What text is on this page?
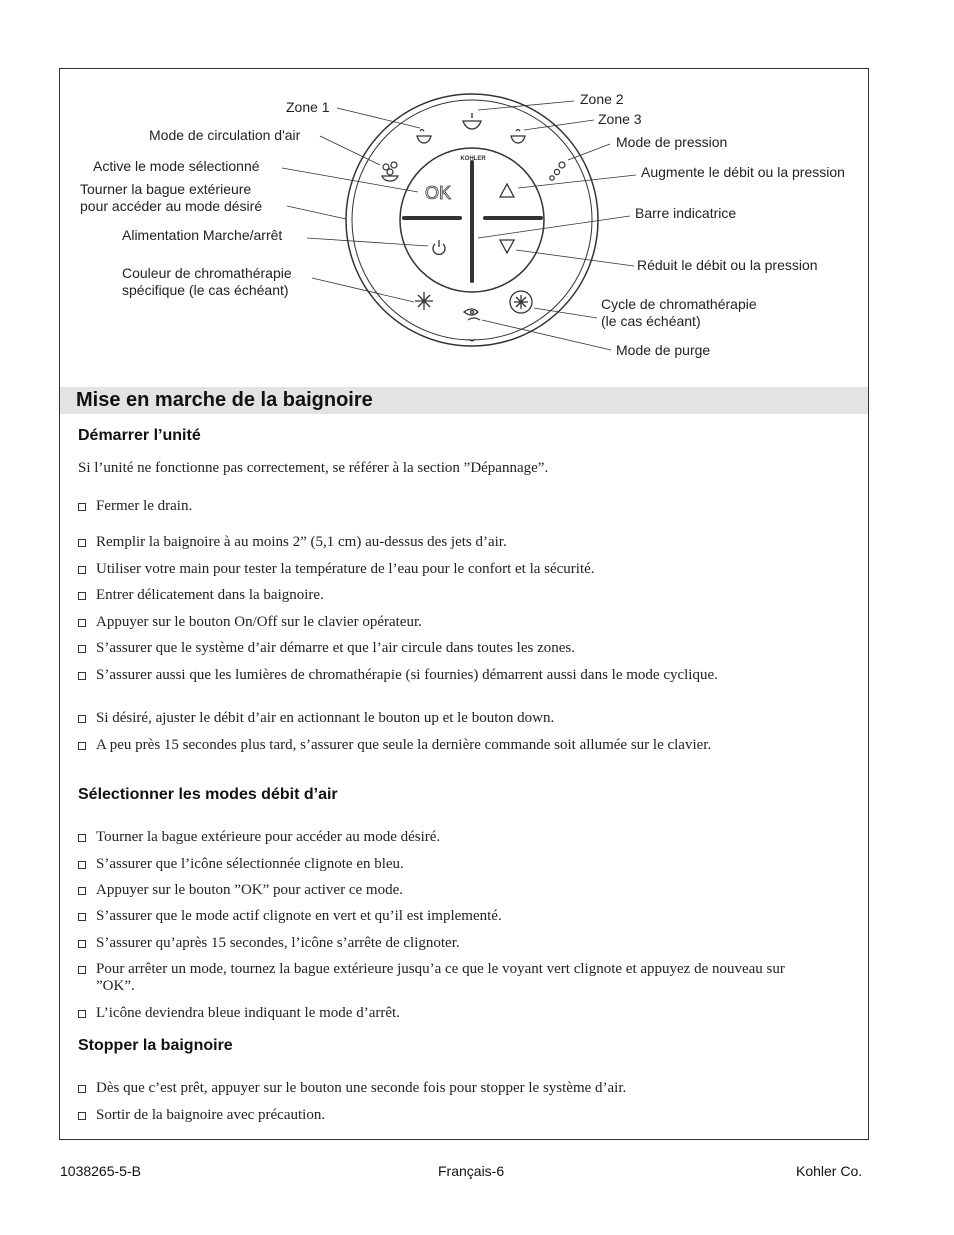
KOHLER
OK
Zone 1	Zone 2
Zone 3
Mode de circulation d'air	Mode de pression
Active le mode sélectionné	Augmente le débit ou la pression
Tourner la bague extérieure
pour accéder au mode désiré	Barre indicatrice
Alimentation Marche/arrêt
Réduit le débit ou la pression
Couleur de chromathérapie
spécifique (le cas échéant)
Cycle de chromathérapie
(le cas échéant)
Mode de purge
Mise en marche de la baignoire
Démarrer l’unité
Si l’unité ne fonctionne pas correctement, se référer à la section ”Dépannage”.
Fermer le drain.
Remplir la baignoire à au moins 2” (5,1 cm) au-dessus des jets d’air.
Utiliser votre main pour tester la température de l’eau pour le confort et la sécurité.
Entrer délicatement dans la baignoire.
Appuyer sur le bouton On/Off sur le clavier opérateur.
S’assurer que le système d’air démarre et que l’air circule dans toutes les zones.
S’assurer aussi que les lumières de chromathérapie (si fournies) démarrent aussi dans le mode cyclique.
Si désiré, ajuster le débit d’air en actionnant le bouton up et le bouton down.
A peu près 15 secondes plus tard, s’assurer que seule la dernière commande soit allumée sur le clavier.
Sélectionner les modes débit d’air
Tourner la bague extérieure pour accéder au mode désiré.
S’assurer que l’icône sélectionnée clignote en bleu.
Appuyer sur le bouton ”OK” pour activer ce mode.
S’assurer que le mode actif clignote en vert et qu’il est implementé.
S’assurer qu’après 15 secondes, l’icône s’arrête de clignoter.
Pour arrêter un mode, tournez la bague extérieure jusqu’a ce que le voyant vert clignote et appuyez de nouveau sur ”OK”.
L’icône deviendra bleue indiquant le mode d’arrêt.
Stopper la baignoire
Dès que c’est prêt, appuyer sur le bouton une seconde fois pour stopper le système d’air.
Sortir de la baignoire avec précaution.
1038265-5-B	Français-6	Kohler Co.
